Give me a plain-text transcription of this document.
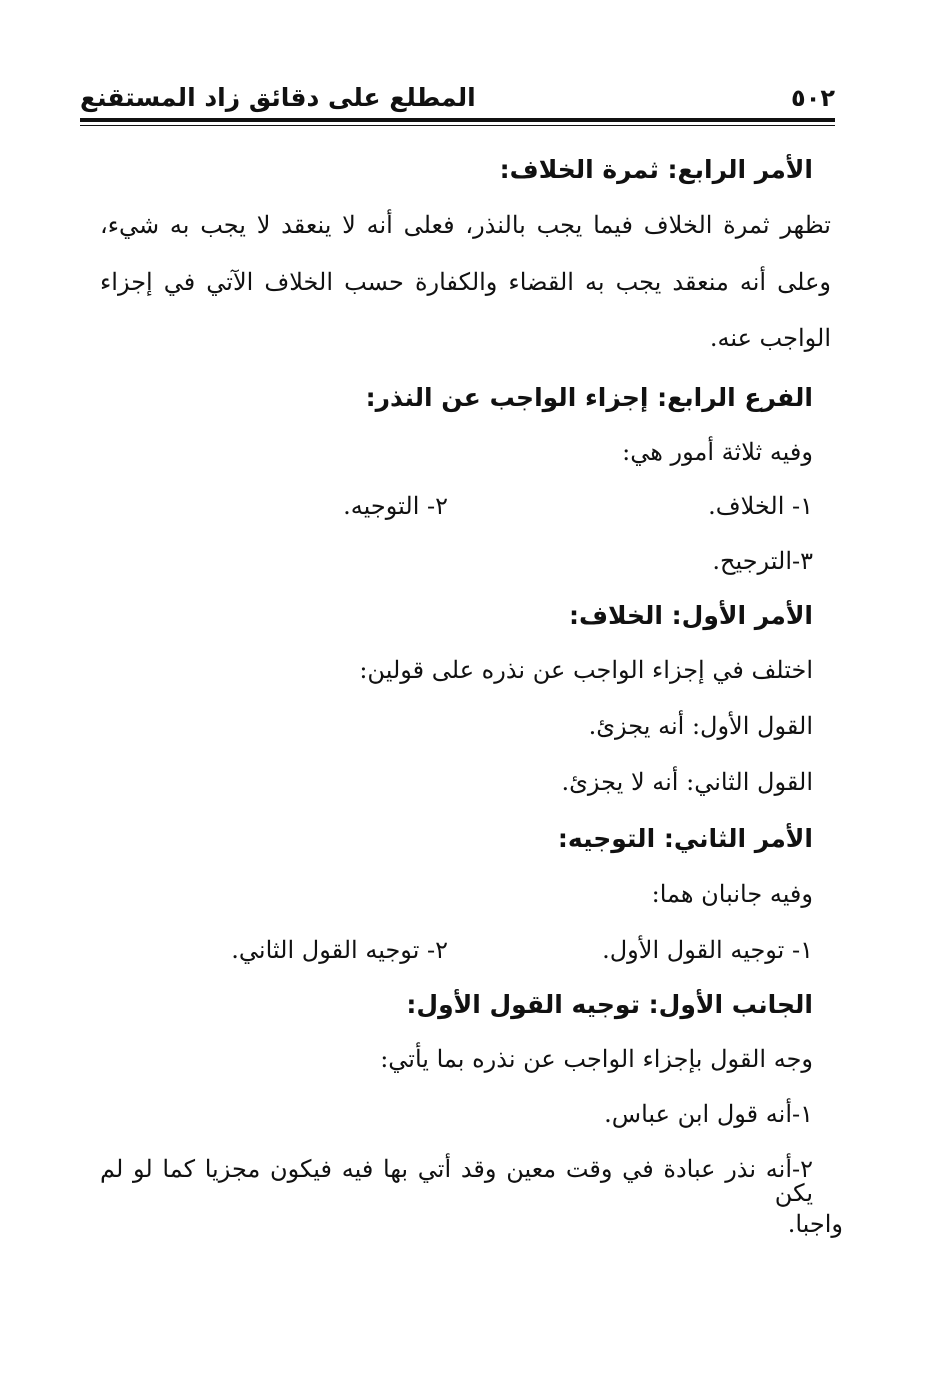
٥٠٢
المطلع على دقائق زاد المستقنع
الأمر الرابع: ثمرة الخلاف:
تظهر ثمرة الخلاف فيما يجب بالنذر، فعلى أنه لا ينعقد لا يجب به شيء،
وعلى أنه منعقد يجب به القضاء والكفارة حسب الخلاف الآتي في إجزاء
الواجب عنه.
الفرع الرابع: إجزاء الواجب عن النذر:
وفيه ثلاثة أمور هي:
١- الخلاف.
٢- التوجيه.
٣-الترجيح.
الأمر الأول: الخلاف:
اختلف في إجزاء الواجب عن نذره على قولين:
القول الأول: أنه يجزئ.
القول الثاني: أنه لا يجزئ.
الأمر الثاني: التوجيه:
وفيه جانبان هما:
١- توجيه القول الأول.
٢- توجيه القول الثاني.
الجانب الأول: توجيه القول الأول:
وجه القول بإجزاء الواجب عن نذره بما يأتي:
١-أنه قول ابن عباس.
٢-أنه نذر عبادة في وقت معين وقد أتي بها فيه فيكون مجزيا كما لو لم يكن
واجبا.
